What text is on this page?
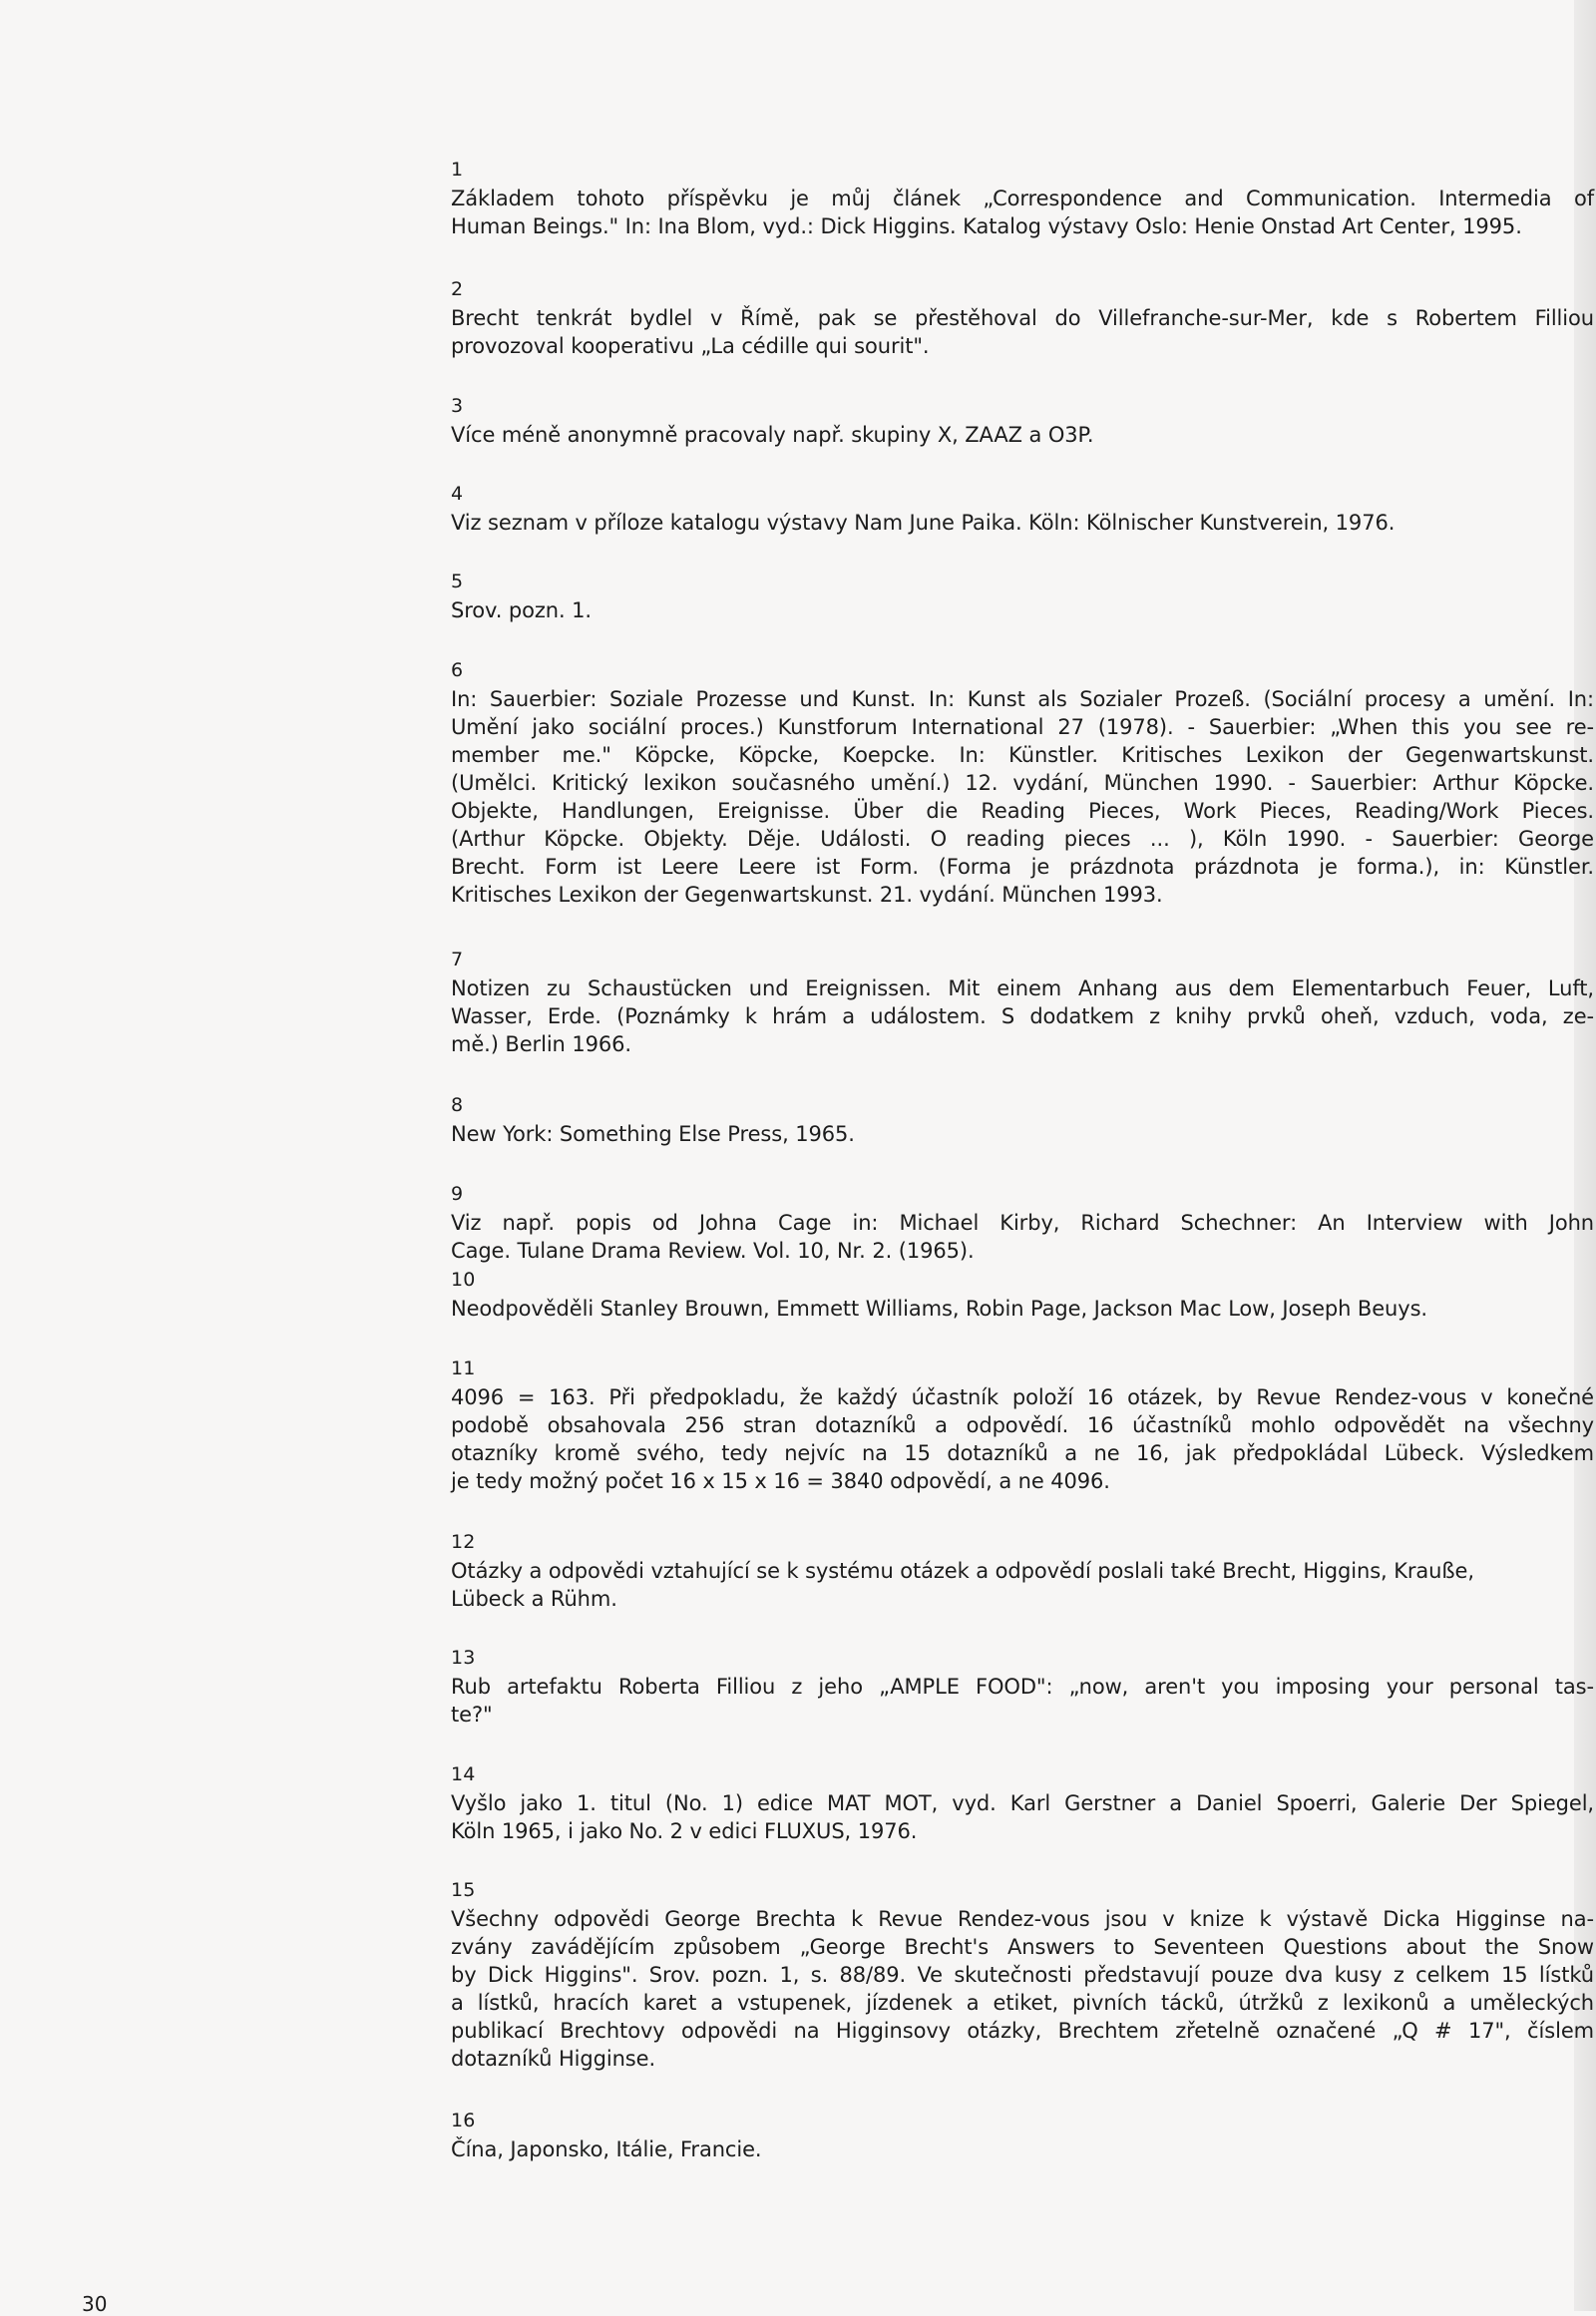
1
Základem tohoto příspěvku je můj článek „Correspondence and Communication. Intermedia of
Human Beings." In: Ina Blom, vyd.: Dick Higgins. Katalog výstavy Oslo: Henie Onstad Art Center, 1995.
2
Brecht tenkrát bydlel v Římě, pak se přestěhoval do Villefranche-sur-Mer, kde s Robertem Filliou
provozoval kooperativu „La cédille qui sourit".
3
Více méně anonymně pracovaly např. skupiny X, ZAAZ a O3P.
4
Viz seznam v příloze katalogu výstavy Nam June Paika. Köln: Kölnischer Kunstverein, 1976.
5
Srov. pozn. 1.
6
In: Sauerbier: Soziale Prozesse und Kunst. In: Kunst als Sozialer Prozeß. (Sociální procesy a umění. In:
Umění jako sociální proces.) Kunstforum International 27 (1978). - Sauerbier: „When this you see re-
member me." Köpcke, Köpcke, Koepcke. In: Künstler. Kritisches Lexikon der Gegenwartskunst.
(Umělci. Kritický lexikon současného umění.) 12. vydání, München 1990. - Sauerbier: Arthur Köpcke.
Objekte, Handlungen, Ereignisse. Über die Reading Pieces, Work Pieces, Reading/Work Pieces.
(Arthur Köpcke. Objekty. Děje. Události. O reading pieces ... ), Köln 1990. - Sauerbier: George
Brecht. Form ist Leere Leere ist Form. (Forma je prázdnota prázdnota je forma.), in: Künstler.
Kritisches Lexikon der Gegenwartskunst. 21. vydání. München 1993.
7
Notizen zu Schaustücken und Ereignissen. Mit einem Anhang aus dem Elementarbuch Feuer, Luft,
Wasser, Erde. (Poznámky k hrám a událostem. S dodatkem z knihy prvků oheň, vzduch, voda, ze-
mě.) Berlin 1966.
8
New York: Something Else Press, 1965.
9
Viz např. popis od Johna Cage in: Michael Kirby, Richard Schechner: An Interview with John
Cage. Tulane Drama Review. Vol. 10, Nr. 2. (1965).
10
Neodpověděli Stanley Brouwn, Emmett Williams, Robin Page, Jackson Mac Low, Joseph Beuys.
11
4096 = 163. Při předpokladu, že každý účastník položí 16 otázek, by Revue Rendez-vous v konečné
podobě obsahovala 256 stran dotazníků a odpovědí. 16 účastníků mohlo odpovědět na všechny
otazníky kromě svého, tedy nejvíc na 15 dotazníků a ne 16, jak předpokládal Lübeck. Výsledkem
je tedy možný počet 16 x 15 x 16 = 3840 odpovědí, a ne 4096.
12
Otázky a odpovědi vztahující se k systému otázek a odpovědí poslali také Brecht, Higgins, Krauße,
Lübeck a Rühm.
13
Rub artefaktu Roberta Filliou z jeho „AMPLE FOOD": „now, aren't you imposing your personal tas-
te?"
14
Vyšlo jako 1. titul (No. 1) edice MAT MOT, vyd. Karl Gerstner a Daniel Spoerri, Galerie Der Spiegel,
Köln 1965, i jako No. 2 v edici FLUXUS, 1976.
15
Všechny odpovědi George Brechta k Revue Rendez-vous jsou v knize k výstavě Dicka Higginse na-
zvány zavádějícím způsobem „George Brecht's Answers to Seventeen Questions about the Snow
by Dick Higgins". Srov. pozn. 1, s. 88/89. Ve skutečnosti představují pouze dva kusy z celkem 15 lístků
a lístků, hracích karet a vstupenek, jízdenek a etiket, pivních tácků, útržků z lexikonů a uměleckých
publikací Brechtovy odpovědi na Higginsovy otázky, Brechtem zřetelně označené „Q # 17", číslem
dotazníků Higginse.
16
Čína, Japonsko, Itálie, Francie.
30
